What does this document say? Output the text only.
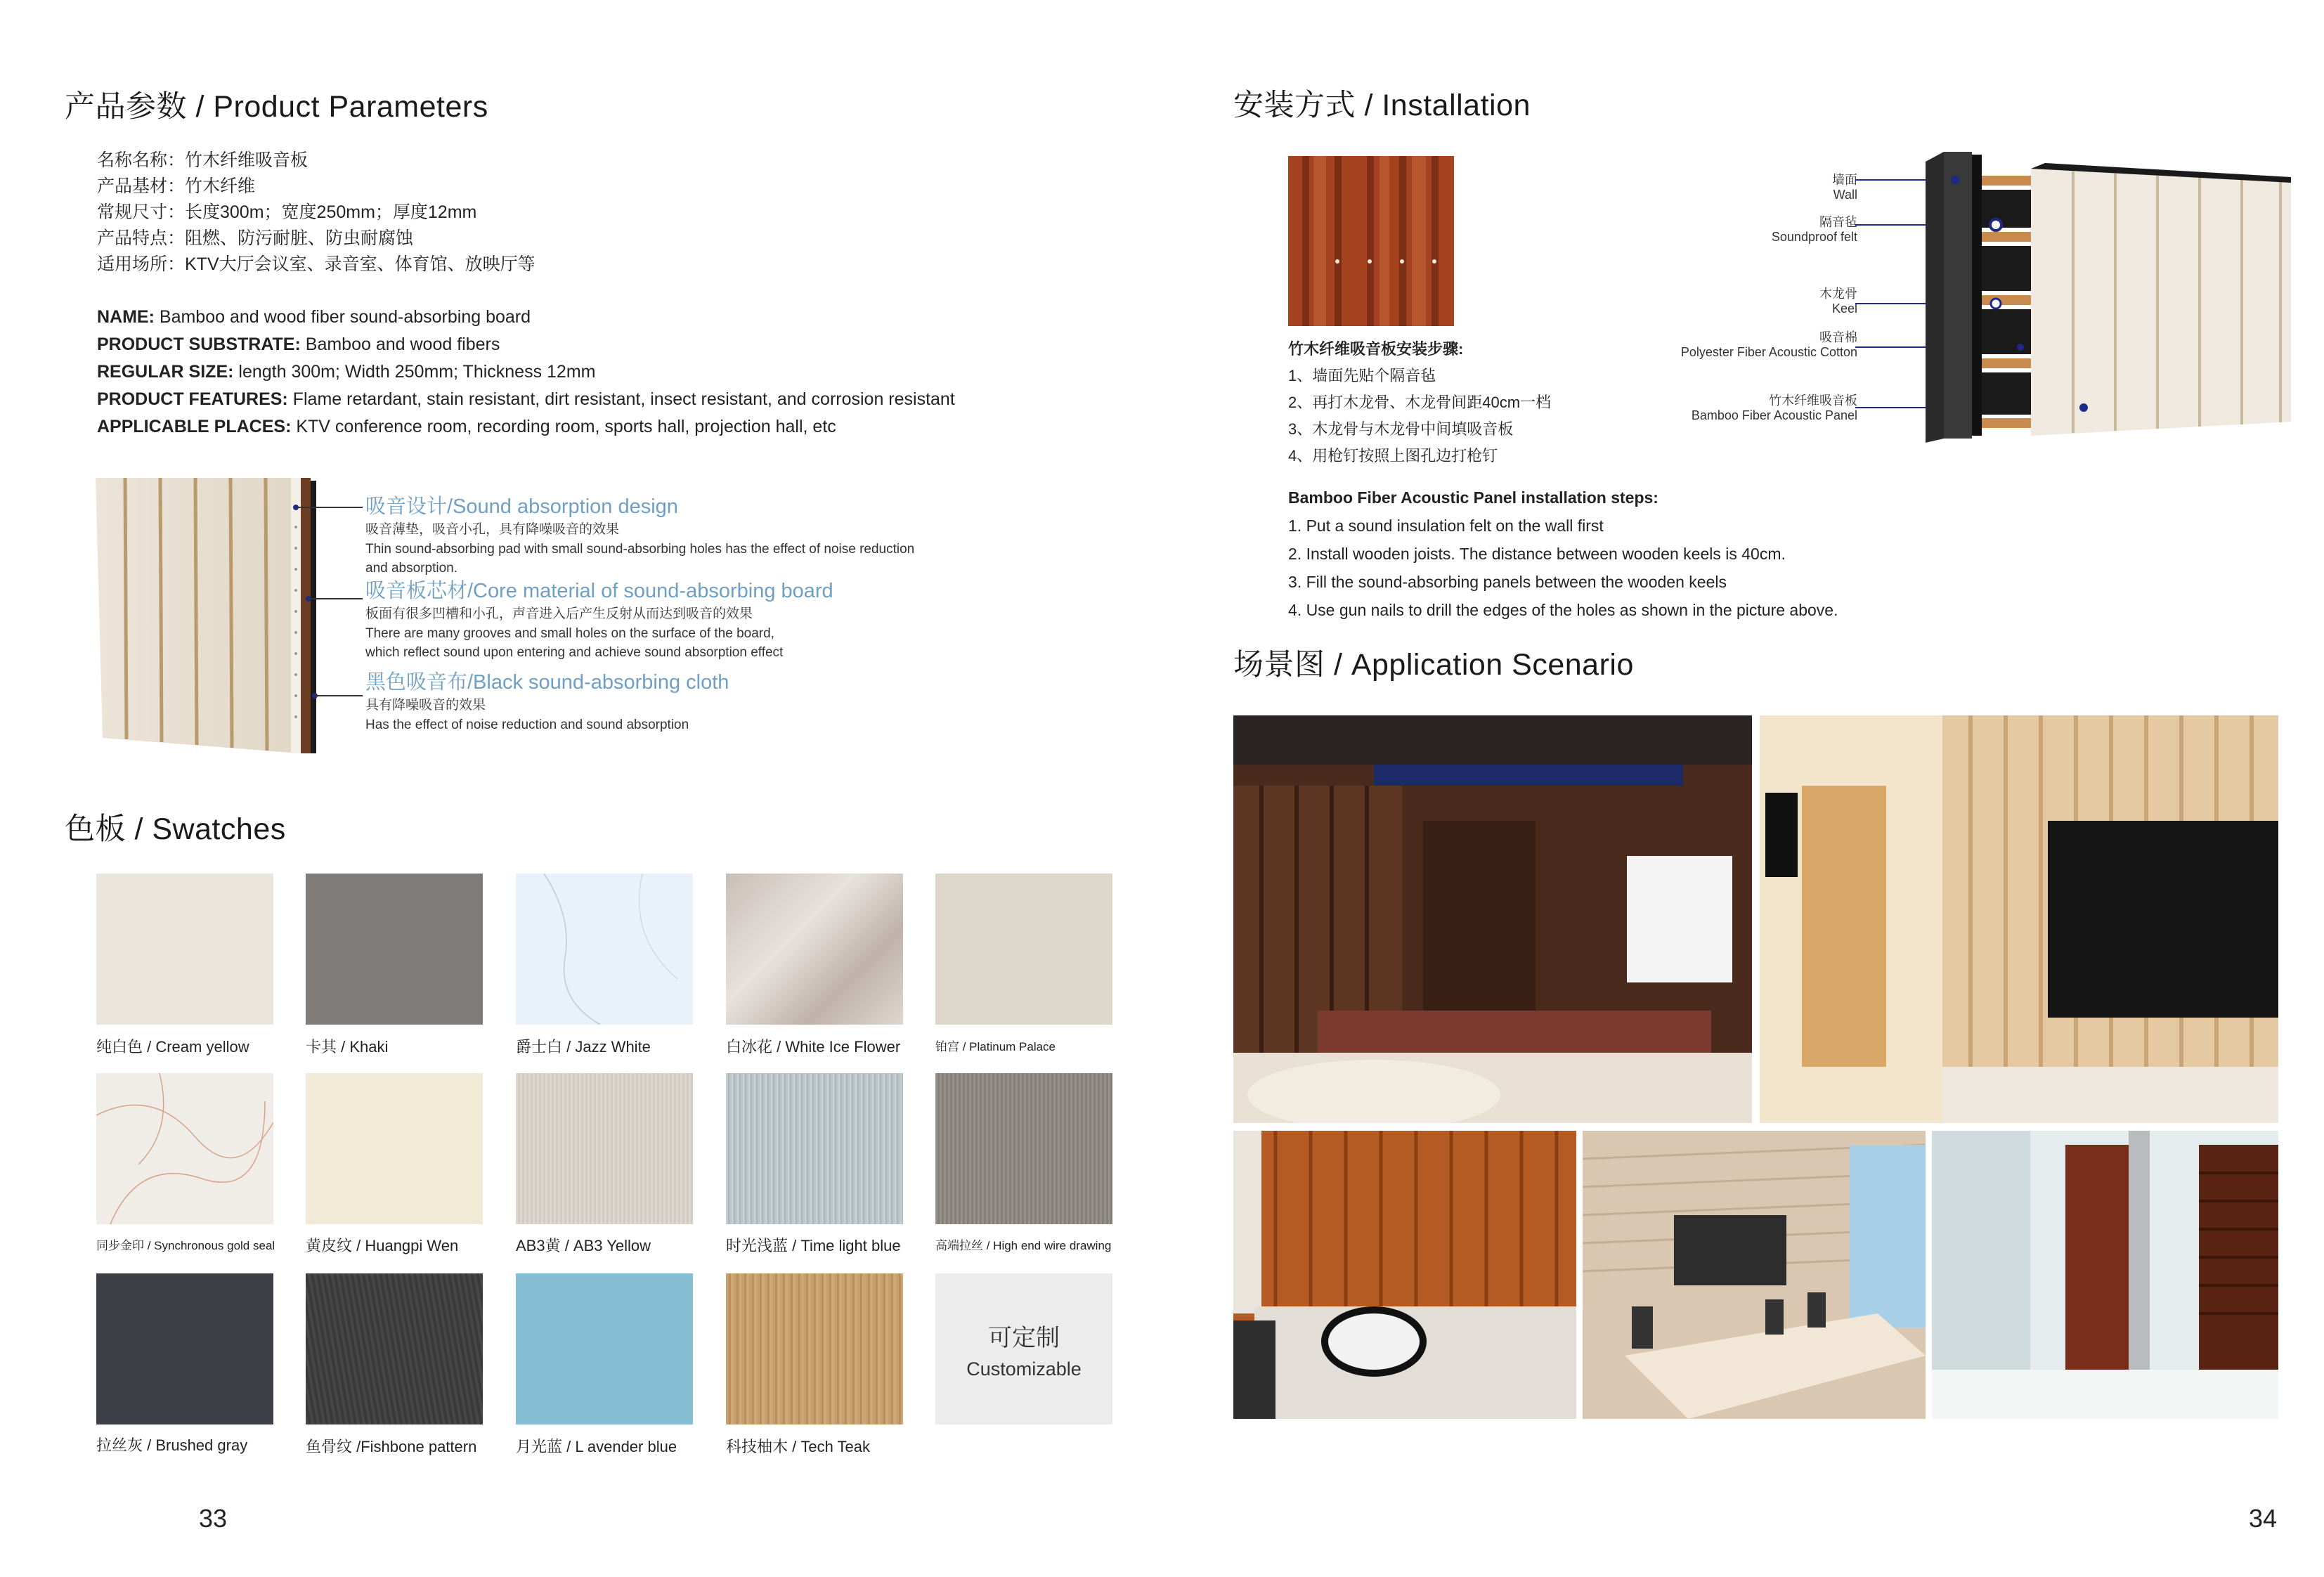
产品参数 / Product Parameters
名称名称：竹木纤维吸音板
产品基材：竹木纤维
常规尺寸：长度300m；宽度250mm；厚度12mm
产品特点：阻燃、防污耐脏、防虫耐腐蚀
适用场所：KTV大厅会议室、录音室、体育馆、放映厅等
NAME: Bamboo and wood fiber sound-absorbing board
PRODUCT SUBSTRATE: Bamboo and wood fibers
REGULAR SIZE: length 300m; Width 250mm; Thickness 12mm
PRODUCT FEATURES: Flame retardant, stain resistant, dirt resistant, insect resistant, and corrosion resistant
APPLICABLE PLACES: KTV conference room, recording room, sports hall, projection hall, etc
吸音设计/Sound absorption design
吸音薄垫，吸音小孔，具有降噪吸音的效果
Thin sound-absorbing pad with small sound-absorbing holes has the effect of noise reduction
and absorption.
吸音板芯材/Core material of sound-absorbing board
板面有很多凹槽和小孔，声音进入后产生反射从而达到吸音的效果
There are many grooves and small holes on the surface of the board,
which reflect sound upon entering and achieve sound absorption effect
黑色吸音布/Black sound-absorbing cloth
具有降噪吸音的效果
Has the effect of noise reduction and sound absorption
色板 / Swatches
纯白色 / Cream yellow	卡其 / Khaki	爵士白 / Jazz White	白冰花 / White Ice Flower	铂宫 / Platinum Palace
同步金印 / Synchronous gold seal 黄皮纹 / Huangpi Wen	AB3黄 / AB3 Yellow	时光浅蓝 / Time light blue	高端拉丝 / High end wire drawing
可定制
Customizable
拉丝灰 / Brushed gray	鱼骨纹 /Fishbone pattern	月光蓝 / L avender blue	科技柚木 / Tech Teak
33
安装方式 / Installation
竹木纤维吸音板安装步骤:
1、墙面先贴个隔音毡
2、再打木龙骨、木龙骨间距40cm一档
3、木龙骨与木龙骨中间填吸音板
4、用枪钉按照上图孔边打枪钉
Bamboo Fiber Acoustic Panel installation steps:
1. Put a sound insulation felt on the wall first
2. Install wooden joists. The distance between wooden keels is 40cm.
3. Fill the sound-absorbing panels between the wooden keels
4. Use gun nails to drill the edges of the holes as shown in the picture above.
墙面
Wall
隔音毡
Soundproof felt
木龙骨
Keel
吸音棉
Polyester Fiber Acoustic Cotton
竹木纤维吸音板
Bamboo Fiber Acoustic Panel
场景图 / Application Scenario
34
